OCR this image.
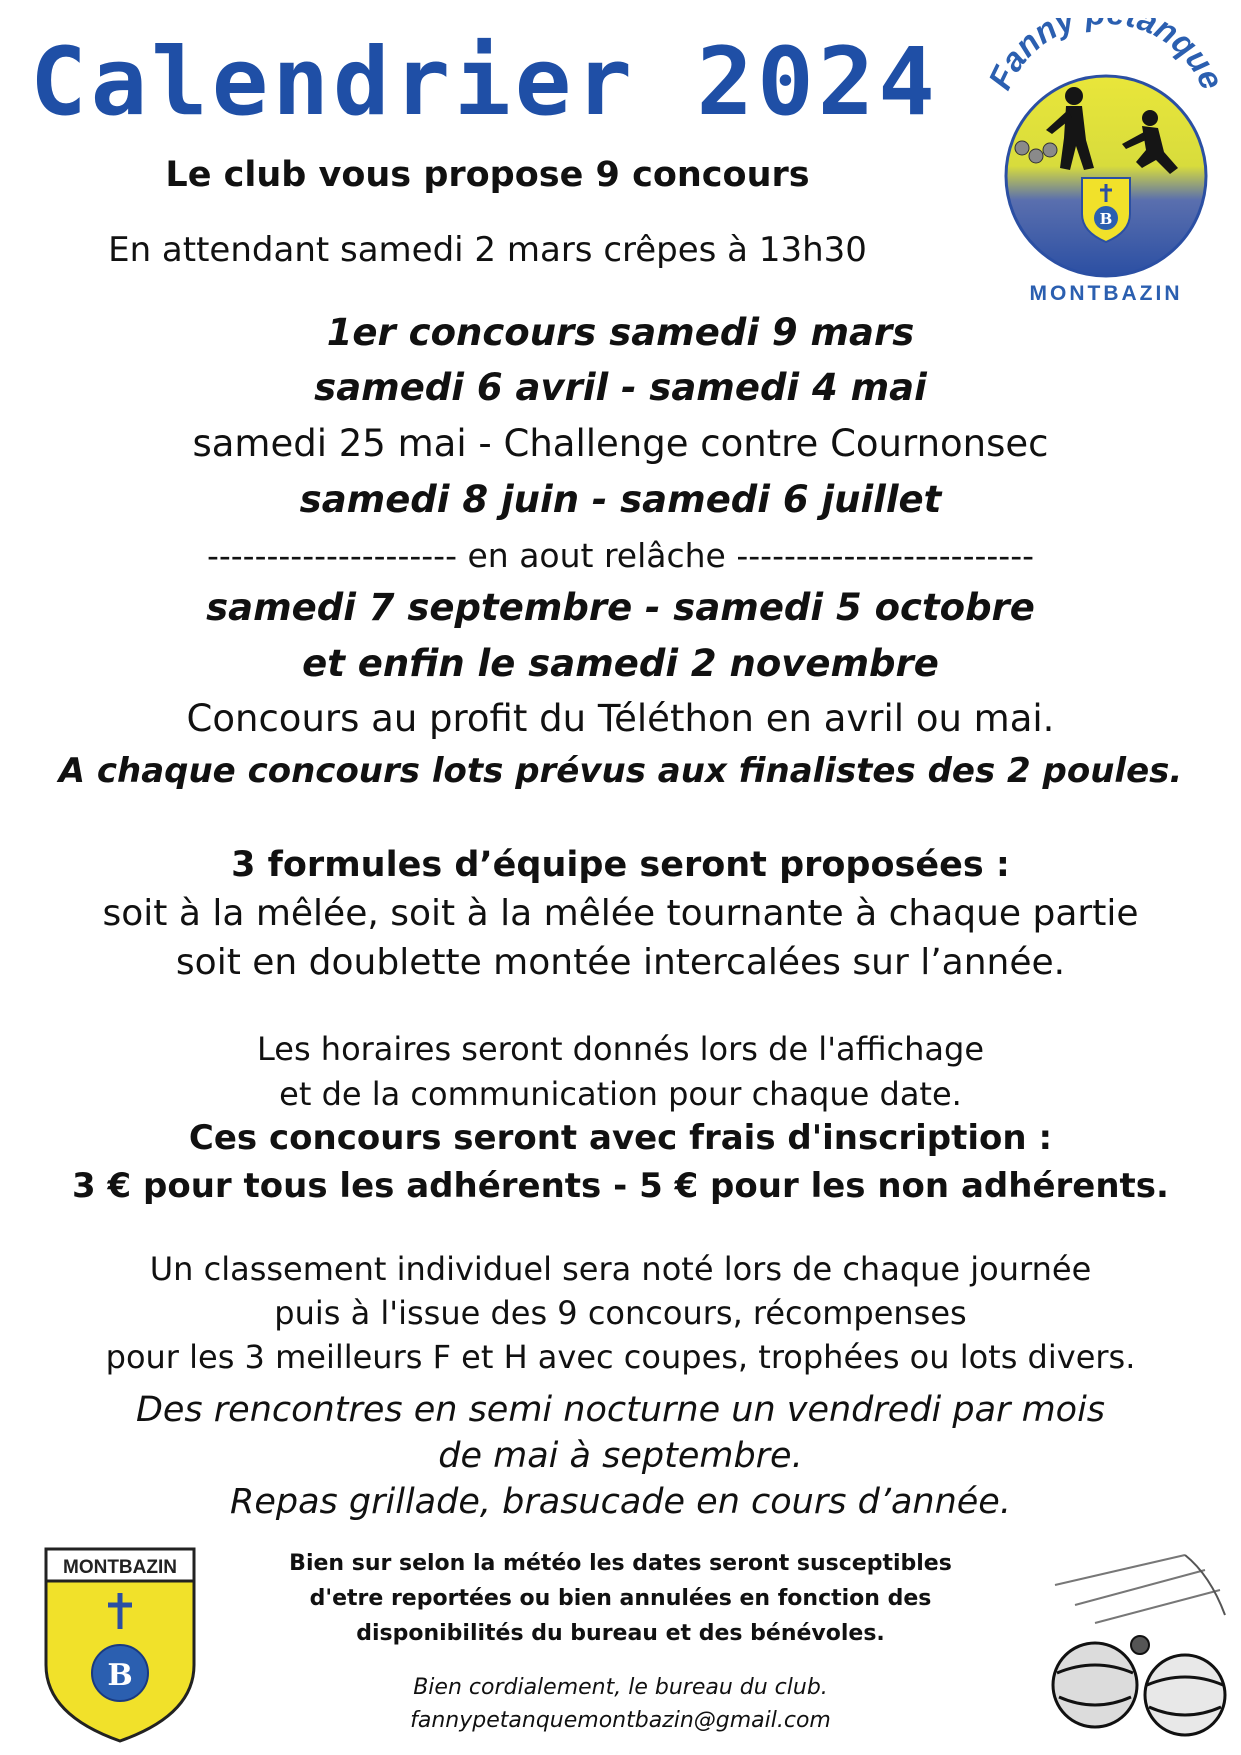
Calendrier 2024
Le club vous propose 9 concours
En attendant samedi 2 mars crêpes à 13h30
Fanny anque
B
MONTBAZIN
1er concours samedi 9 mars
samedi 6 avril - samedi 4 mai
samedi 25 mai - Challenge contre Cournonsec
samedi 8 juin - samedi 6 juillet
--------------------- en aout relâche -------------------------
samedi 7 septembre - samedi 5 octobre
et enfin le samedi 2 novembre
Concours au profit du Téléthon en avril ou mai.
A chaque concours lots prévus aux finalistes des 2 poules.
3 formules d’équipe seront proposées :
soit à la mêlée, soit à la mêlée tournante à chaque partie
soit en doublette montée intercalées sur l’année.
Les horaires seront donnés lors de l'affichage
et de la communication pour chaque date.
Ces concours seront avec frais d'inscription :
3 € pour tous les adhérents - 5 € pour les non adhérents.
Un classement individuel sera noté lors de chaque journée
puis à l'issue des 9 concours, récompenses
pour les 3 meilleurs F et H avec coupes, trophées ou lots divers.
Des rencontres en semi nocturne un vendredi par mois
de mai à septembre.
Repas grillade, brasucade en cours d’année.
Bien sur selon la météo les dates seront susceptibles
d'etre reportées ou bien annulées en fonction des
disponibilités du bureau et des bénévoles.
Bien cordialement, le bureau du club.
fannypetanquemontbazin@gmail.com
MONTBAZIN
B
